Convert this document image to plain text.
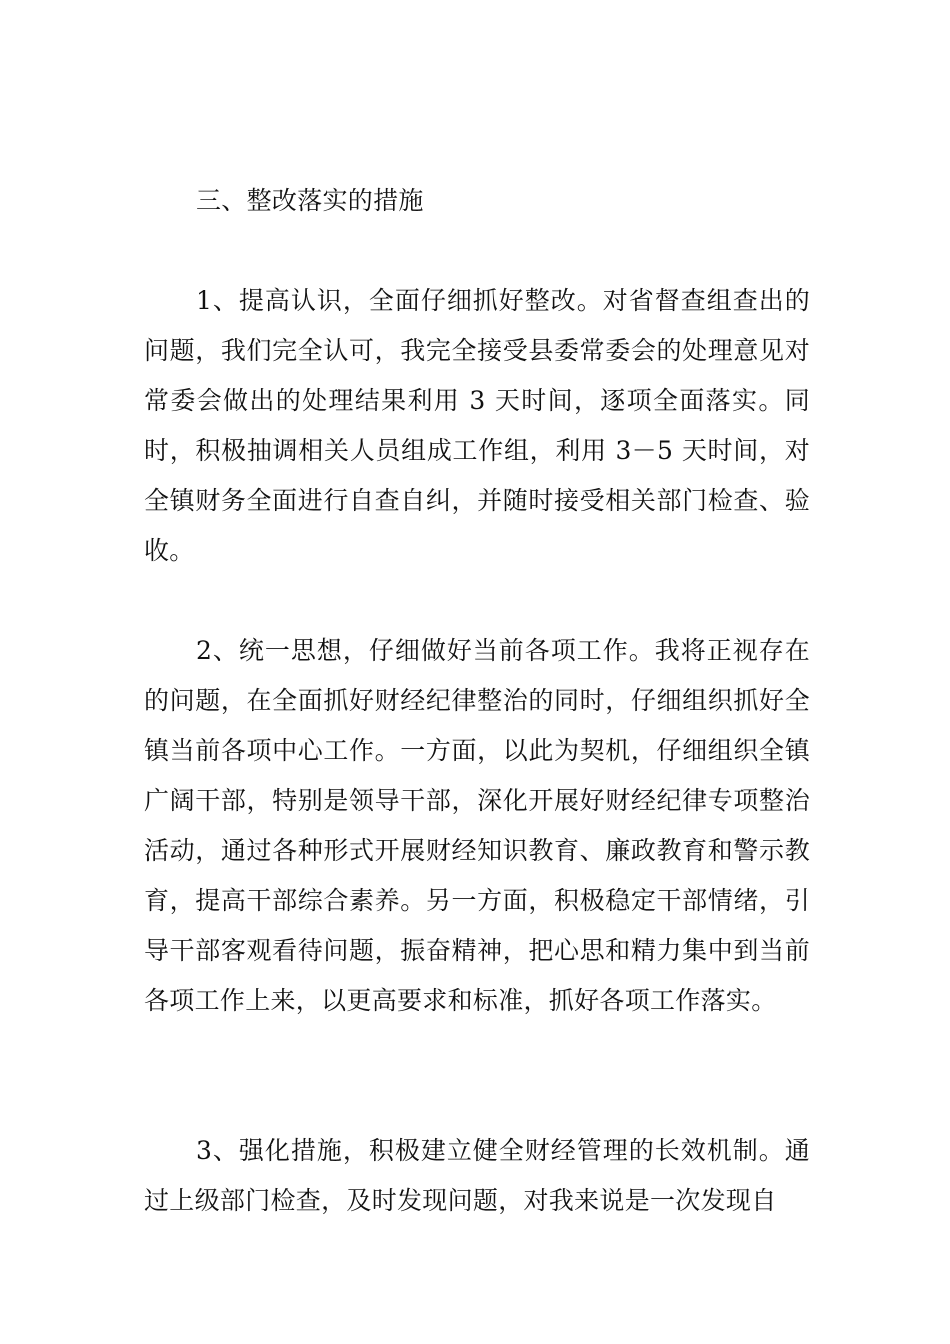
三、整改落实的措施
1、提高认识，全面仔细抓好整改。对省督查组查出的问题，我们完全认可，我完全接受县委常委会的处理意见对常委会做出的处理结果利用 3 天时间，逐项全面落实。同时，积极抽调相关人员组成工作组，利用 3－5 天时间，对全镇财务全面进行自查自纠，并随时接受相关部门检查、验收。
2、统一思想，仔细做好当前各项工作。我将正视存在的问题，在全面抓好财经纪律整治的同时，仔细组织抓好全镇当前各项中心工作。一方面，以此为契机，仔细组织全镇广阔干部，特别是领导干部，深化开展好财经纪律专项整治活动，通过各种形式开展财经知识教育、廉政教育和警示教育，提高干部综合素养。另一方面，积极稳定干部情绪，引导干部客观看待问题，振奋精神，把心思和精力集中到当前各项工作上来，以更高要求和标准，抓好各项工作落实。
3、强化措施，积极建立健全财经管理的长效机制。通过上级部门检查，及时发现问题，对我来说是一次发现自
